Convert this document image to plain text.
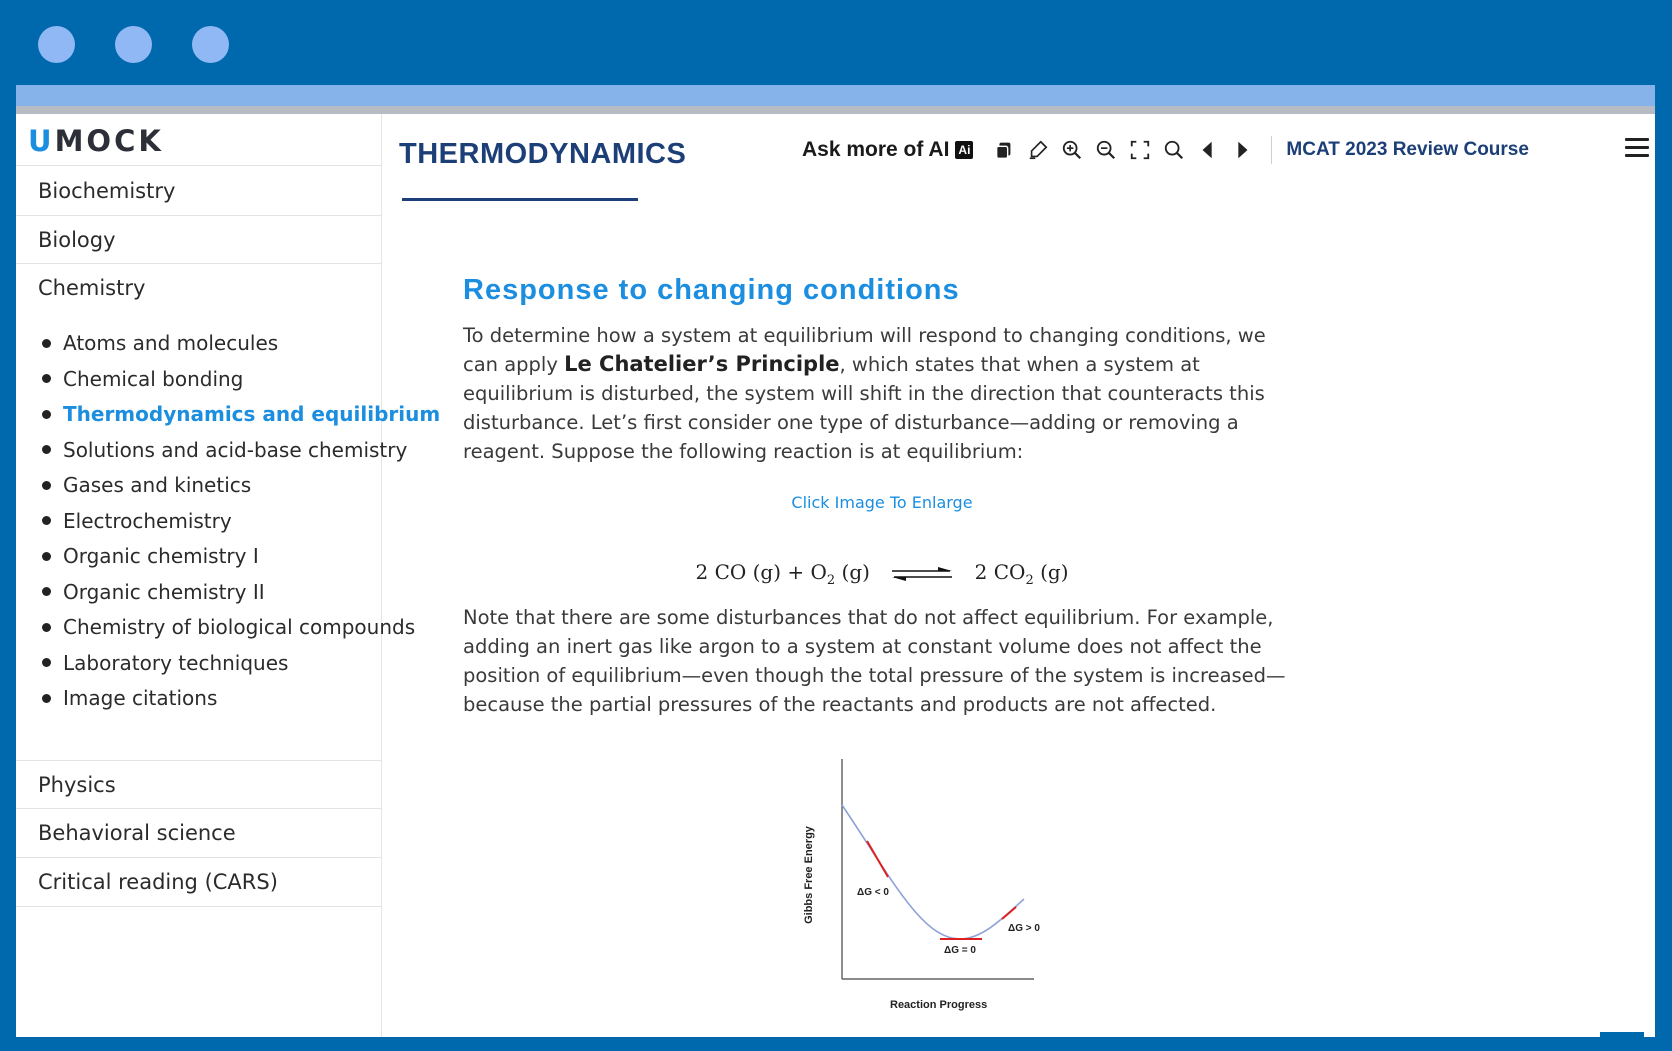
UMOCK
Biochemistry
Biology
Chemistry
Atoms and molecules
Chemical bonding
Thermodynamics and equilibrium
Solutions and acid-base chemistry
Gases and kinetics
Electrochemistry
Organic chemistry I
Organic chemistry II
Chemistry of biological compounds
Laboratory techniques
Image citations
Physics
Behavioral science
Critical reading (CARS)
THERMODYNAMICS	Ask more of AI Ai	MCAT 2023 Review Course
Response to changing conditions
To determine how a system at equilibrium will respond to changing conditions, we can apply Le Chatelier’s Principle, which states that when a system at equilibrium is disturbed, the system will shift in the direction that counteracts this disturbance. Let’s first consider one type of disturbance—adding or removing a reagent. Suppose the following reaction is at equilibrium:
Click Image To Enlarge
2 CO $(g) + O_2$ (g) ⇌ 2 $CO_2$ (g)
Note that there are some disturbances that do not affect equilibrium. For example, adding an inert gas like argon to a system at constant volume does not affect the position of equilibrium—even though the total pressure of the system is increased— because the partial pressures of the reactants and products are not affected.
Gibbs Free Energy
Reaction Progress
ΔG < 0
ΔG = 0
ΔG > 0
